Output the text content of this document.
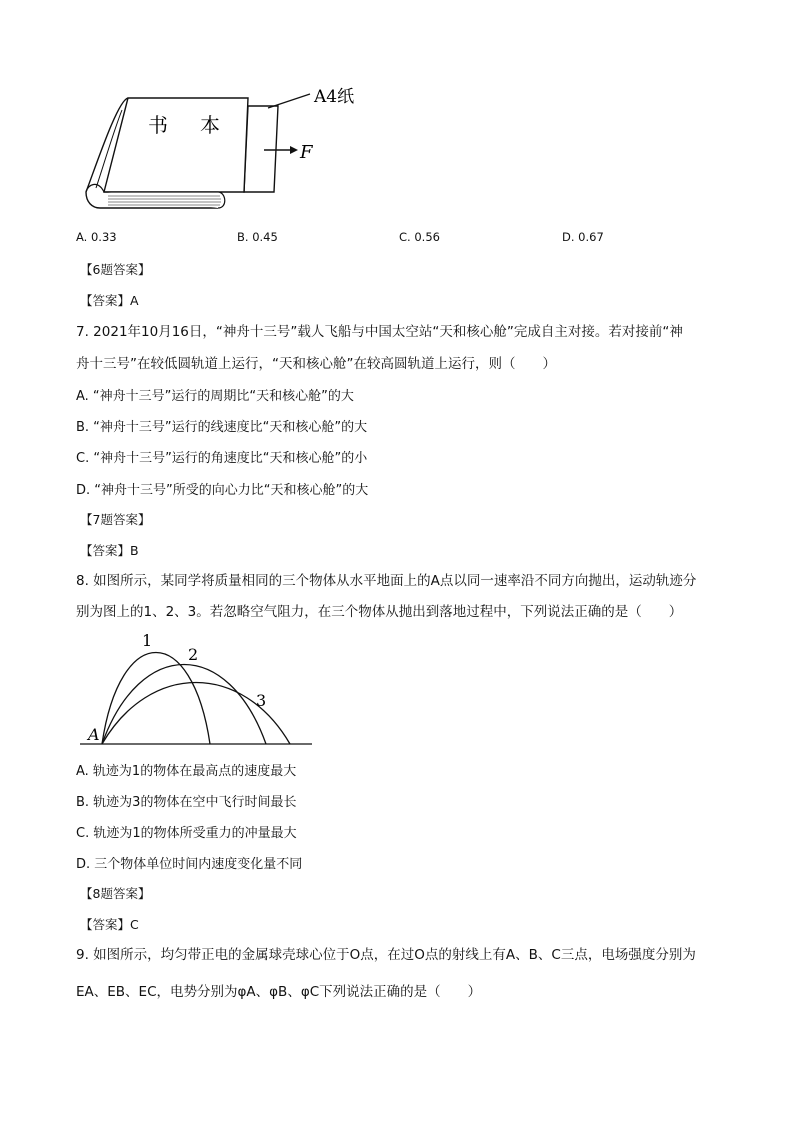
书 本
A4纸
F
A. 0.33	B. 0.45	C. 0.56	D. 0.67
【6题答案】
【答案】A
7. 2021年10月16日，“神舟十三号”载人飞船与中国太空站“天和核心舱”完成自主对接。若对接前“神
舟十三号”在较低圆轨道上运行，“天和核心舱”在较高圆轨道上运行，则（　　）
A. “神舟十三号”运行的周期比“天和核心舱”的大
B. “神舟十三号”运行的线速度比“天和核心舱”的大
C. “神舟十三号”运行的角速度比“天和核心舱”的小
D. “神舟十三号”所受的向心力比“天和核心舱”的大
【7题答案】
【答案】B
8. 如图所示，某同学将质量相同的三个物体从水平地面上的A点以同一速率沿不同方向抛出，运动轨迹分
别为图上的1、2、3。若忽略空气阻力，在三个物体从抛出到落地过程中，下列说法正确的是（　　）
1
2
3
A
A. 轨迹为1的物体在最高点的速度最大
B. 轨迹为3的物体在空中飞行时间最长
C. 轨迹为1的物体所受重力的冲量最大
D. 三个物体单位时间内速度变化量不同
【8题答案】
【答案】C
9. 如图所示，均匀带正电的金属球壳球心位于O点，在过O点的射线上有A、B、C三点，电场强度分别为
EA、EB、EC，电势分别为φA、φB、φC下列说法正确的是（　　）
